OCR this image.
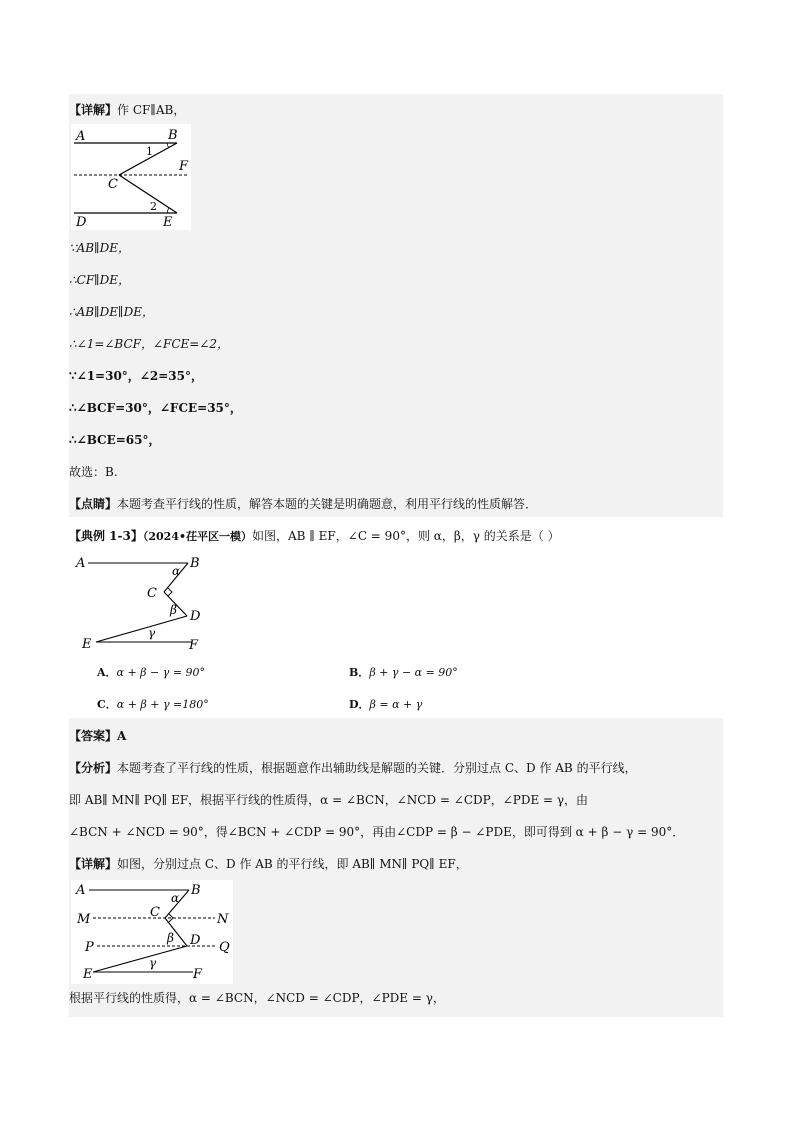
【详解】作 CF∥AB，
A	B
C
D	E
F
1
2
∵AB∥DE，
∴CF∥DE，
∴AB∥DE∥DE，
∴∠1=∠BCF，∠FCE=∠2，
∵∠1=30°，∠2=35°，
∴∠BCF=30°，∠FCE=35°，
∴∠BCE=65°，
故选：B.
【点睛】本题考查平行线的性质，解答本题的关键是明确题意，利用平行线的性质解答．
【典例 1-3】（2024•茌平区一模）如图，AB ∥ EF，∠C = 90°，则 α，β，γ 的关系是（ ）
A	B
C
D
E	F
α
β
γ
A．α + β − γ = 90°	B．β + γ − α = 90°
C．α + β + γ =180°	D．β = α + γ
【答案】A
【分析】本题考查了平行线的性质，根据题意作出辅助线是解题的关键．分别过点 C、D 作 AB 的平行线，
即 AB∥ MN∥ PQ∥ EF，根据平行线的性质得，α = ∠BCN，∠NCD = ∠CDP，∠PDE = γ，由
∠BCN + ∠NCD = 90°，得∠BCN + ∠CDP = 90°，再由∠CDP = β − ∠PDE，即可得到 α + β − γ = 90°．
【详解】如图，分别过点 C、D 作 AB 的平行线，即 AB∥ MN∥ PQ∥ EF，
A	B
C
D
E	F
M	N
P	Q
α
β
γ
根据平行线的性质得，α = ∠BCN，∠NCD = ∠CDP，∠PDE = γ，
